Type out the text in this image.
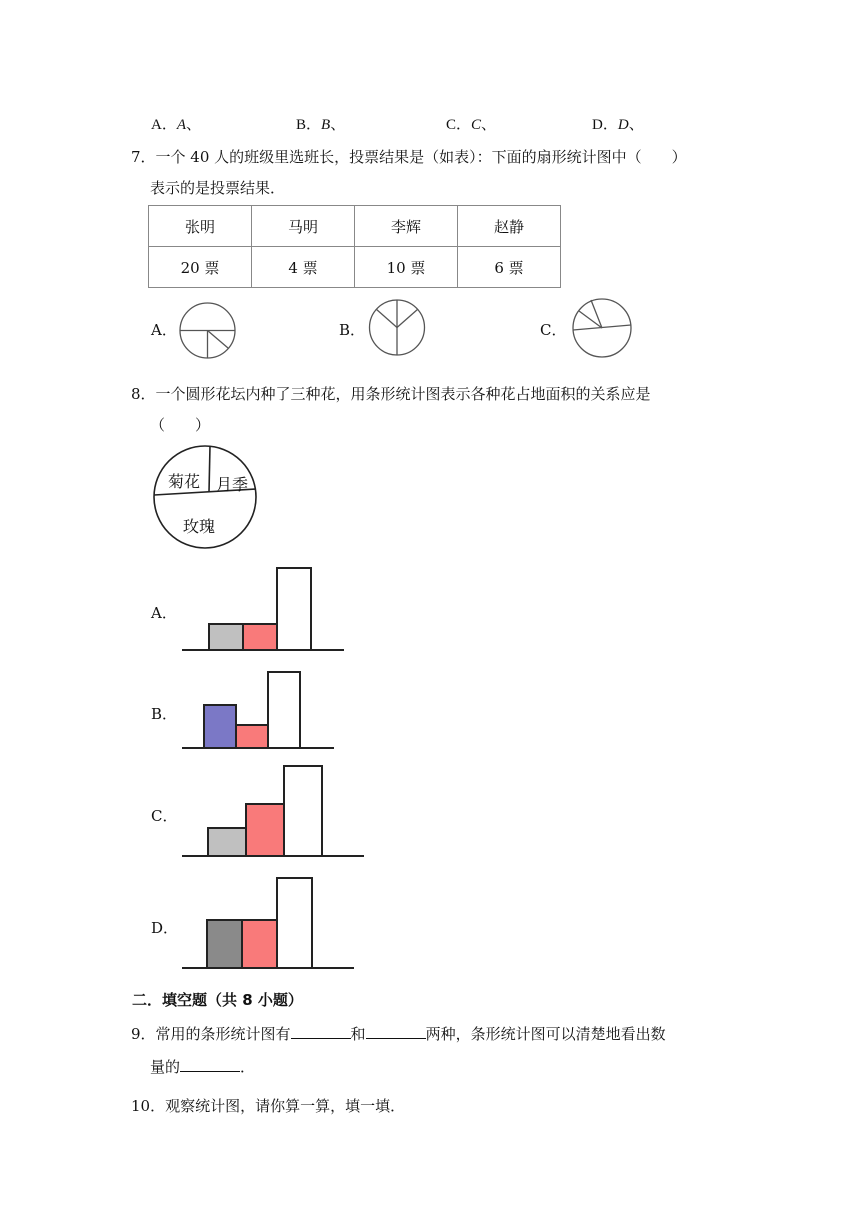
A．A、	B．B、	C．C、	D．D、
7．一个 40 人的班级里选班长，投票结果是（如表）：下面的扇形统计图中（　　）
表示的是投票结果．
张明	马明	李辉	赵静
20 票	4 票	10 票	6 票
A．	B．	C．
8．一个圆形花坛内种了三种花，用条形统计图表示各种花占地面积的关系应是
（　　）
菊花 月季
玫瑰
A．
B．
C．
D．
二．填空题（共 8 小题）
9．常用的条形统计图有	和	两种，条形统计图可以清楚地看出数
量的	．
10．观察统计图，请你算一算，填一填．
